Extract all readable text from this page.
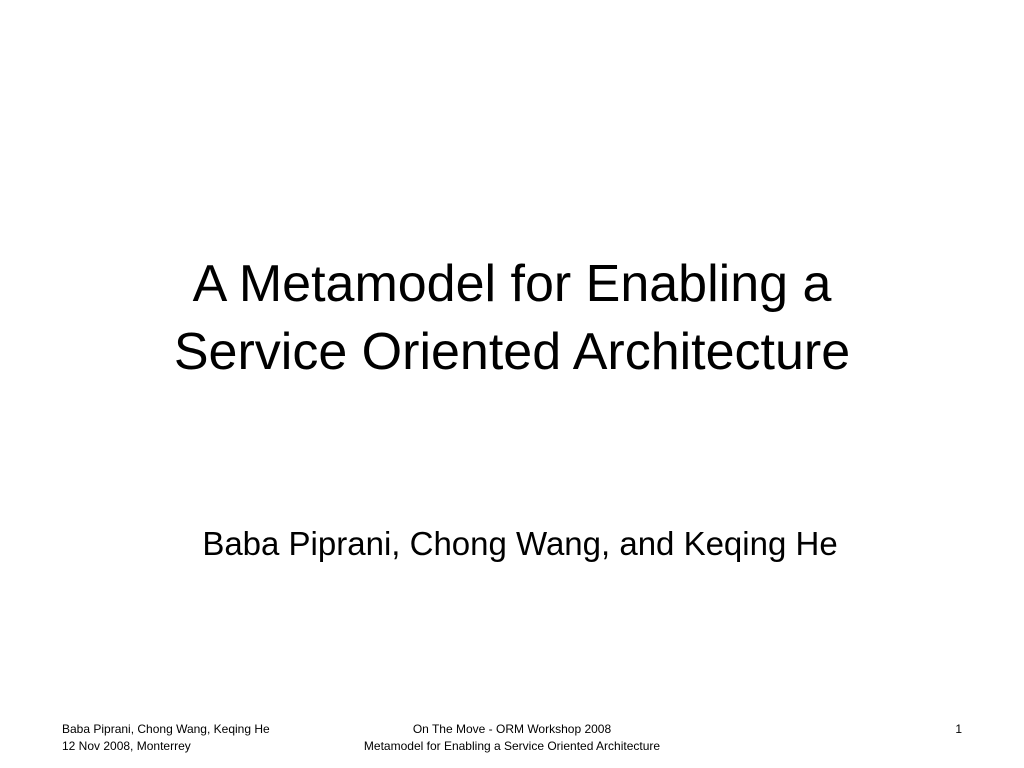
A Metamodel for Enabling a
Service Oriented Architecture
Baba Piprani, Chong Wang, and Keqing He
Baba Piprani, Chong Wang, Keqing He
12 Nov 2008, Monterrey
On The Move - ORM Workshop 2008
Metamodel for Enabling a Service Oriented Architecture
1
